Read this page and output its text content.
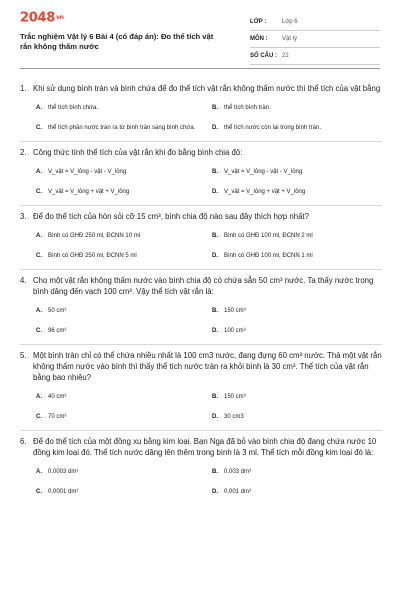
2048vn
Trắc nghiệm Vật lý 6 Bài 4 (có đáp án): Đo thể tích vật rắn không thấm nước
LỚP :	Lớp 6
MÔN :	Vật lý
SỐ CÂU : 22
1. Khi sử dụng bình tràn và bình chứa để đo thể tích vật rắn không thấm nước thì thể tích của vật bằng
A.	thể tích bình chứa.	B.	thể tích bình tràn.
C.	thể tích phần nước tràn ra từ bình tràn sang bình chứa.	D.	thể tích nước còn lại trong bình tràn.
2. Công thức tính thể tích của vật rắn khi đo bằng bình chia độ:
A.	V_vật = V_lỏng - vật - V_lỏng	B.	V_vật = V_lỏng - vật - V_lỏng
C.	V_vật = V_lỏng + vật + V_lỏng	D.	V_vật = V_lỏng + vật + V_lỏng
3. Để đo thể tích của hòn sỏi cỡ 15 cm³, bình chia độ nào sau đây thích hợp nhất?
A.	Bình có GHĐ 250 ml, ĐCNN 10 ml	B.	Bình có GHĐ 100 ml, ĐCNN 2 ml
C.	Bình có GHĐ 250 ml, ĐCNN 5 ml	D.	Bình có GHĐ 100 ml, ĐCNN 1 ml
4. Cho một vật rắn không thấm nước vào bình chia độ có chứa sẵn 50 cm³ nước. Ta thấy nước trong bình dâng đến vạch 100 cm³. Vậy thể tích vật rắn là:
A.	50 cm³	B.	150 cm³
C.	96 cm³	D.	100 cm³
5. Một bình tràn chỉ có thể chứa nhiều nhất là 100 cm3 nước, đang đựng 60 cm³ nước. Thả một vật rắn không thấm nước vào bình thì thấy thể tích nước tràn ra khỏi bình là 30 cm³. Thể tích của vật rắn bằng bao nhiêu?
A.	40 cm³	B.	150 cm³
C.	70 cm³	D.	30 cm3
6. Để đo thể tích của một đồng xu bằng kim loại. Bạn Nga đã bỏ vào bình chia độ đang chứa nước 10 đồng kim loại đó. Thể tích nước dâng lên thêm trong bình là 3 ml. Thể tích mỗi đồng kim loại đó là:
A.	0,0003 dm³	B.	0,003 dm³
C.	0,0001 dm³	D.	0,001 dm³
